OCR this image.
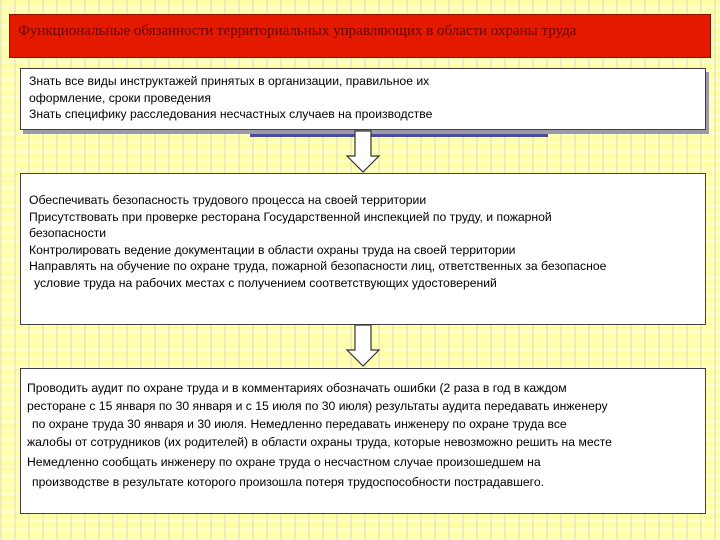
Функциональные обязанности территориальных управляющих в области охраны труда

Знать все виды инструктажей принятых в организации, правильное их

оформление, сроки проведения

Знать специфику расследования несчастных случаев на производстве

Обеспечивать безопасность трудового процесса на своей территории

Присутствовать при проверке ресторана Государственной инспекцией по труду, и пожарной

безопасности

Контролировать ведение документации в области охраны труда на своей территории

Направлять на обучение по охране труда, пожарной безопасности лиц, ответственных за безопасное

условие труда на рабочих местах с получением соответствующих удостоверений

Проводить аудит по охране труда и в комментариях обозначать ошибки (2 раза в год в каждом

ресторане с 15 января по 30 января и с 15 июля по 30 июля) результаты аудита передавать инженеру

по охране труда 30 января и 30 июля. Немедленно передавать инженеру по охране труда все

жалобы от сотрудников (их родителей) в области охраны труда, которые невозможно решить на месте

Немедленно сообщать инженеру по охране труда о несчастном случае произошедшем на

производстве в результате которого произошла потеря трудоспособности пострадавшего.
